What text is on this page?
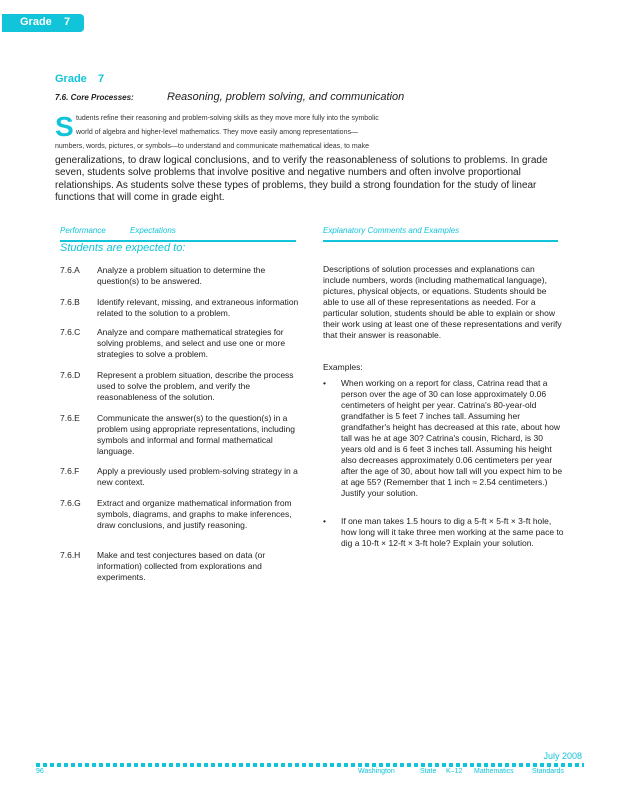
Grade 7
Grade 7
7.6. Core Processes:	Reasoning, problem solving, and communication
S tudents refine their reasoning and problem-solving skills as they move more fully into the symbolic
world of algebra and higher-level mathematics. They move easily among representations—
numbers, words, pictures, or symbols—to understand and communicate mathematical ideas, to make
generalizations, to draw logical conclusions, and to verify the reasonableness of solutions to problems. In grade seven, students solve problems that involve positive and negative numbers and often involve proportional relationships. As students solve these types of problems, they build a strong foundation for the study of linear functions that will come in grade eight.
Performance	Expectations	Explanatory Comments and Examples
Students are expected to:
7.6.A Analyze a problem situation to determine the question(s) to be answered.
7.6.B Identify relevant, missing, and extraneous information related to the solution to a problem.
7.6.C Analyze and compare mathematical strategies for solving problems, and select and use one or more strategies to solve a problem.
7.6.D Represent a problem situation, describe the process used to solve the problem, and verify the reasonableness of the solution.
7.6.E Communicate the answer(s) to the question(s) in a problem using appropriate representations, including symbols and informal and formal mathematical language.
7.6.F Apply a previously used problem-solving strategy in a new context.
7.6.G Extract and organize mathematical information from symbols, diagrams, and graphs to make inferences, draw conclusions, and justify reasoning.
7.6.H Make and test conjectures based on data (or information) collected from explorations and experiments.
Descriptions of solution processes and explanations can include numbers, words (including mathematical language), pictures, physical objects, or equations. Students should be able to use all of these representations as needed. For a particular solution, students should be able to explain or show their work using at least one of these representations and verify that their answer is reasonable.
Examples:
• When working on a report for class, Catrina read that a person over the age of 30 can lose approximately 0.06 centimeters of height per year. Catrina's 80-year-old grandfather is 5 feet 7 inches tall. Assuming her grandfather's height has decreased at this rate, about how tall was he at age 30? Catrina's cousin, Richard, is 30 years old and is 6 feet 3 inches tall. Assuming his height also decreases approximately 0.06 centimeters per year after the age of 30, about how tall will you expect him to be at age 55? (Remember that 1 inch ≈ 2.54 centimeters.) Justify your solution.
• If one man takes 1.5 hours to dig a 5-ft × 5-ft × 3-ft hole, how long will it take three men working at the same pace to dig a 10-ft × 12-ft × 3-ft hole? Explain your solution.
July 2008
96	Washington	State K–12 Mathematics	Standards
